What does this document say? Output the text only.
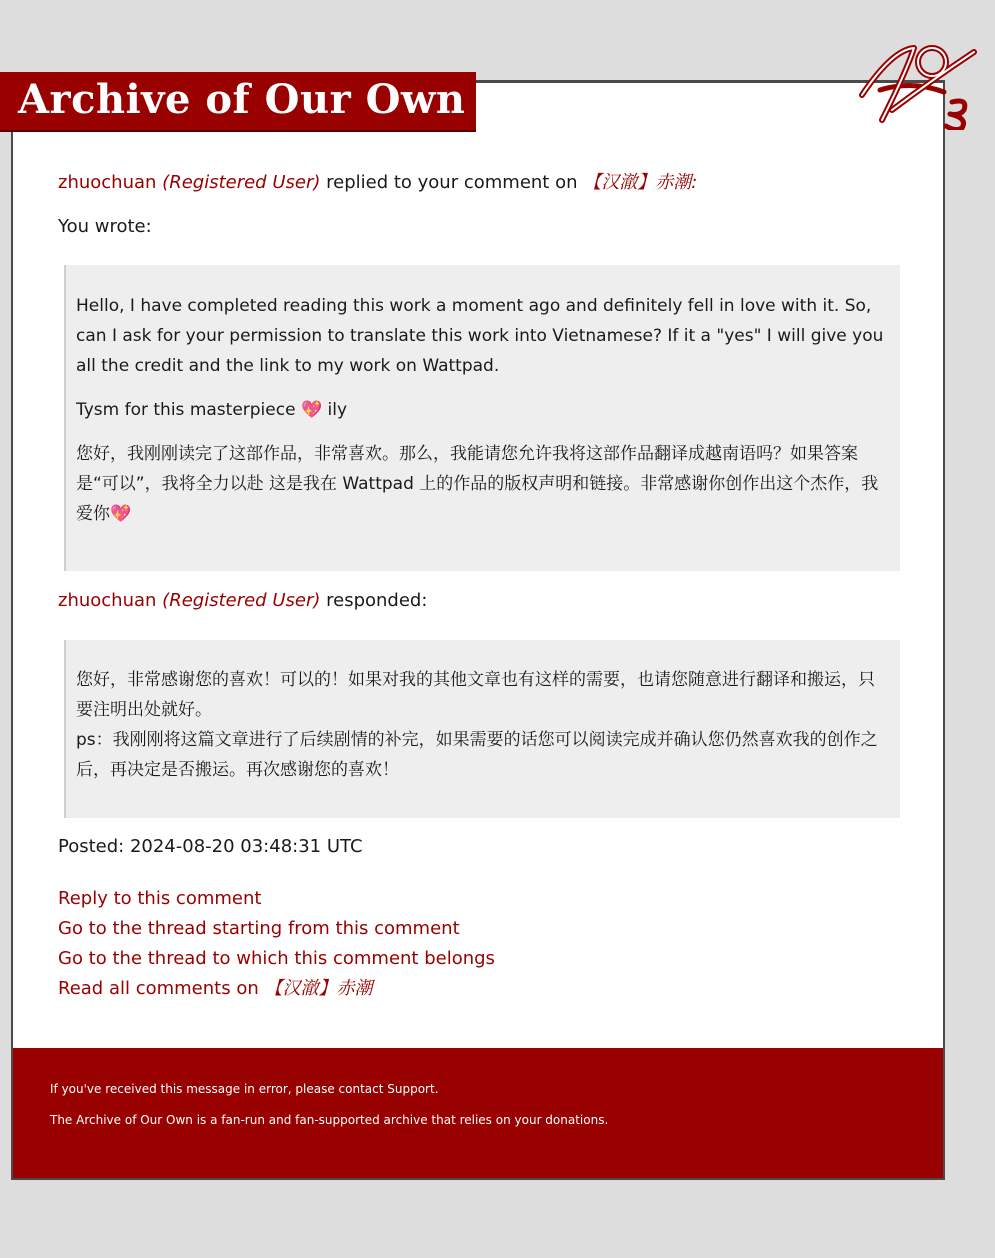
Archive of Our Own
zhuochuan (Registered User) replied to your comment on 【汉澈】赤潮:
You wrote:

Hello, I have completed reading this work a moment ago and definitely fell in love with it. So, can I ask for your permission to translate this work into Vietnamese? If it a "yes" I will give you all the credit and the link to my work on Wattpad.

Tysm for this masterpiece 💖 ily

您好，我刚刚读完了这部作品，非常喜欢。那么，我能请您允许我将这部作品翻译成越南语吗？如果答案是“可以”，我将全力以赴 这是我在 Wattpad 上的作品的版权声明和链接。非常感谢你创作出这个杰作，我爱你💖

zhuochuan (Registered User) responded:

您好，非常感谢您的喜欢！可以的！如果对我的其他文章也有这样的需要，也请您随意进行翻译和搬运，只要注明出处就好。

ps：我刚刚将这篇文章进行了后续剧情的补完，如果需要的话您可以阅读完成并确认您仍然喜欢我的创作之后，再决定是否搬运。再次感谢您的喜欢！

Posted: 2024-08-20 03:48:31 UTC
Reply to this comment
Go to the thread starting from this comment
Go to the thread to which this comment belongs
Read all comments on 【汉澈】赤潮

If you've received this message in error, please contact Support.

The Archive of Our Own is a fan-run and fan-supported archive that relies on your donations.
